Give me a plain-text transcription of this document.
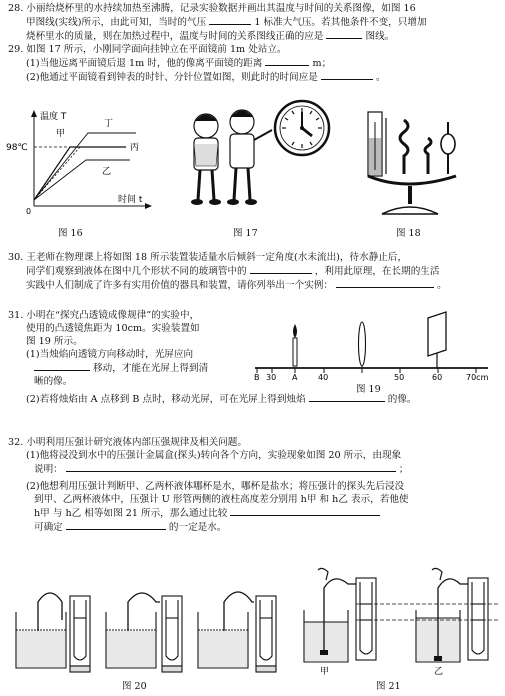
28. 小丽给烧杯里的水持续加热至沸腾，记录实验数据并画出其温度与时间的关系图像，如图 16
甲图线(实线)所示，由此可知，当时的气压	1 标准大气压。若其他条件不变，只增加
烧杯里水的质量，则在加热过程中，温度与时间的关系图线正确的应是	图线。
29. 如图 17 所示，小刚同学面向挂钟立在平面镜前 1m 处站立。
(1)当他远离平面镜后退 1m 时，他的像离平面镜的距离	m；
(2)他通过平面镜看到钟表的时针、分针位置如图，则此时的时间应是	。
温度 T
98℃
甲
丁
丙
乙
0
时间 t
图 16	图 17	图 18
30. 王老师在物理课上将如图 18 所示装置装适量水后倾斜一定角度(水未流出)，待水静止后，
同学们观察到液体在图中几个形状不同的玻璃管中的	，利用此原理，在长期的生活
实践中人们制成了许多有实用价值的器具和装置，请你列举出一个实例：	。
31. 小明在“探究凸透镜成像规律”的实验中，
使用的凸透镜焦距为 10cm。实验装置如
图 19 所示。
(1)当烛焰向透镜方向移动时，光屏应向
移动，才能在光屏上得到清
晰的像。
(2)若将烛焰由 A 点移到 B 点时，移动光屏，可在光屏上得到烛焰	的像。
B 30 A	40	50	60	70cm
图 19
32. 小明利用压强计研究液体内部压强规律及相关问题。
(1)他将浸没到水中的压强计金属盒(探头)转向各个方向，实验现象如图 20 所示，由现象
说明：	；
(2)他想利用压强计判断甲、乙两杯液体哪杯是水，哪杯是盐水；将压强计的探头先后浸没
到甲、乙两杯液体中，压强计 U 形管两侧的液柱高度差分别用 h甲 和 h乙 表示，若他使
h甲 与 h乙 相等如图 21 所示，那么通过比较
可确定	的一定是水。
图 20
甲	乙
图 21
